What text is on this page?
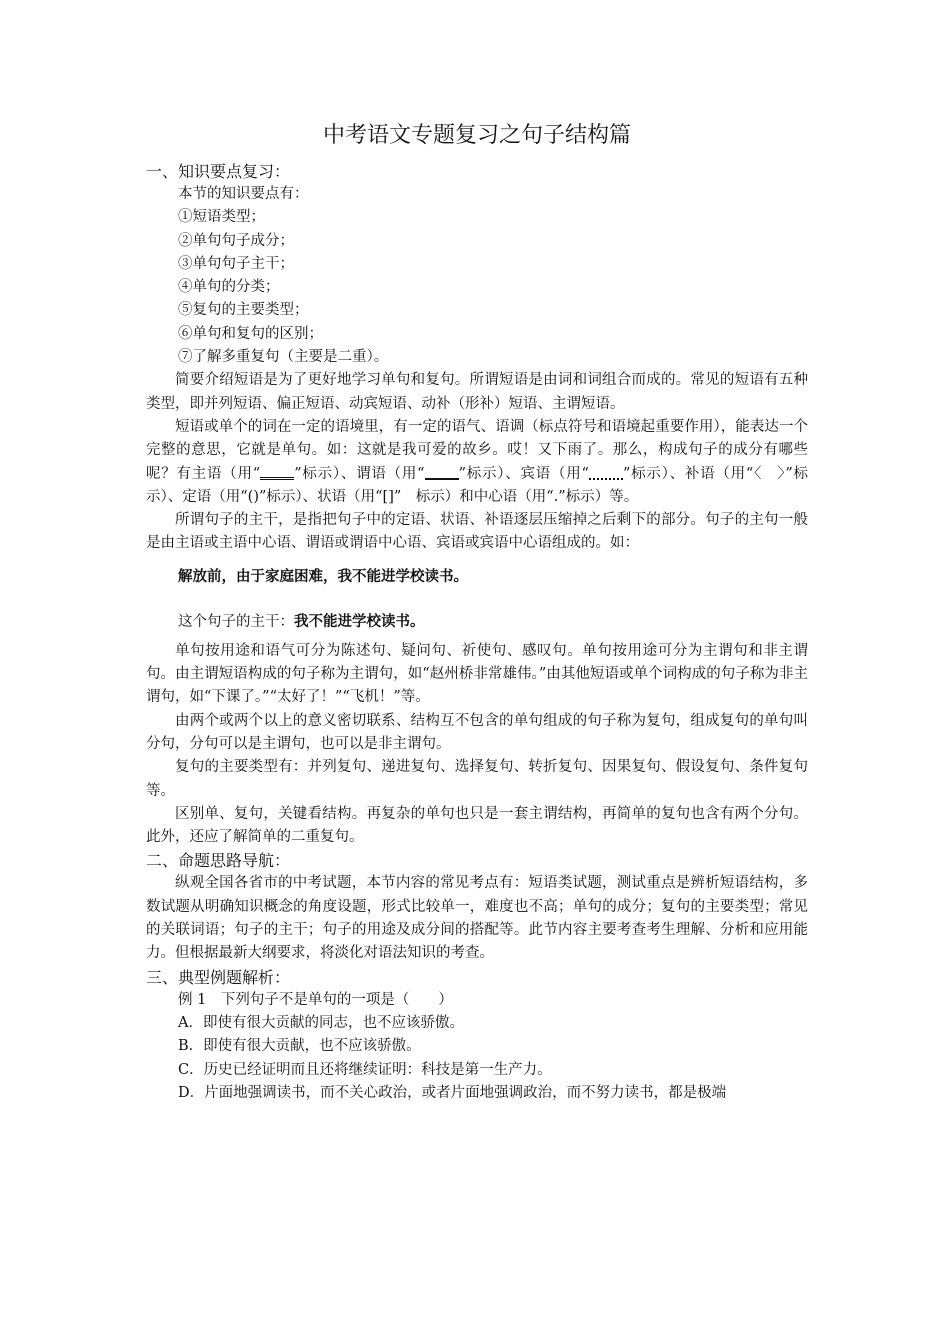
中考语文专题复习之句子结构篇

一、知识要点复习：

本节的知识要点有：

①短语类型；

②单句句子成分；

③单句句子主干；

④单句的分类；

⑤复句的主要类型；

⑥单句和复句的区别；

⑦了解多重复句（主要是二重）。

简要介绍短语是为了更好地学习单句和复句。所谓短语是由词和词组合而成的。常见的短语有五种类型，即并列短语、偏正短语、动宾短语、动补（形补）短语、主谓短语。

短语或单个的词在一定的语境里，有一定的语气、语调（标点符号和语境起重要作用），能表达一个完整的意思，它就是单句。如：这就是我可爱的故乡。哎！又下雨了。那么，构成句子的成分有哪些呢？有主语（用“ ”标示）、谓语（用“ ”标示）、宾语（用“ ”标示）、补语（用“〈　〉”标示）、定语（用“()”标示）、状语（用“[]”　标示）和中心语（用“.”标示）等。

所谓句子的主干，是指把句子中的定语、状语、补语逐层压缩掉之后剩下的部分。句子的主句一般是由主语或主语中心语、谓语或谓语中心语、宾语或宾语中心语组成的。如：

解放前，由于家庭困难，我不能进学校读书。

这个句子的主干：我不能进学校读书。

单句按用途和语气可分为陈述句、疑问句、祈使句、感叹句。单句按用途可分为主谓句和非主谓句。由主谓短语构成的句子称为主谓句，如“赵州桥非常雄伟。”由其他短语或单个词构成的句子称为非主谓句，如“下课了。”“太好了！”“飞机！”等。

由两个或两个以上的意义密切联系、结构互不包含的单句组成的句子称为复句，组成复句的单句叫分句，分句可以是主谓句，也可以是非主谓句。

复句的主要类型有：并列复句、递进复句、选择复句、转折复句、因果复句、假设复句、条件复句等。

区别单、复句，关键看结构。再复杂的单句也只是一套主谓结构，再简单的复句也含有两个分句。此外，还应了解简单的二重复句。

二、命题思路导航：

纵观全国各省市的中考试题，本节内容的常见考点有：短语类试题，测试重点是辨析短语结构，多数试题从明确知识概念的角度设题，形式比较单一，难度也不高；单句的成分；复句的主要类型；常见的关联词语；句子的主干；句子的用途及成分间的搭配等。此节内容主要考查考生理解、分析和应用能力。但根据最新大纲要求，将淡化对语法知识的考查。

三、典型例题解析：

例 1　下列句子不是单句的一项是（　　）

A．即使有很大贡献的同志，也不应该骄傲。

B．即使有很大贡献，也不应该骄傲。

C．历史已经证明而且还将继续证明：科技是第一生产力。

D．片面地强调读书，而不关心政治，或者片面地强调政治，而不努力读书，都是极端
